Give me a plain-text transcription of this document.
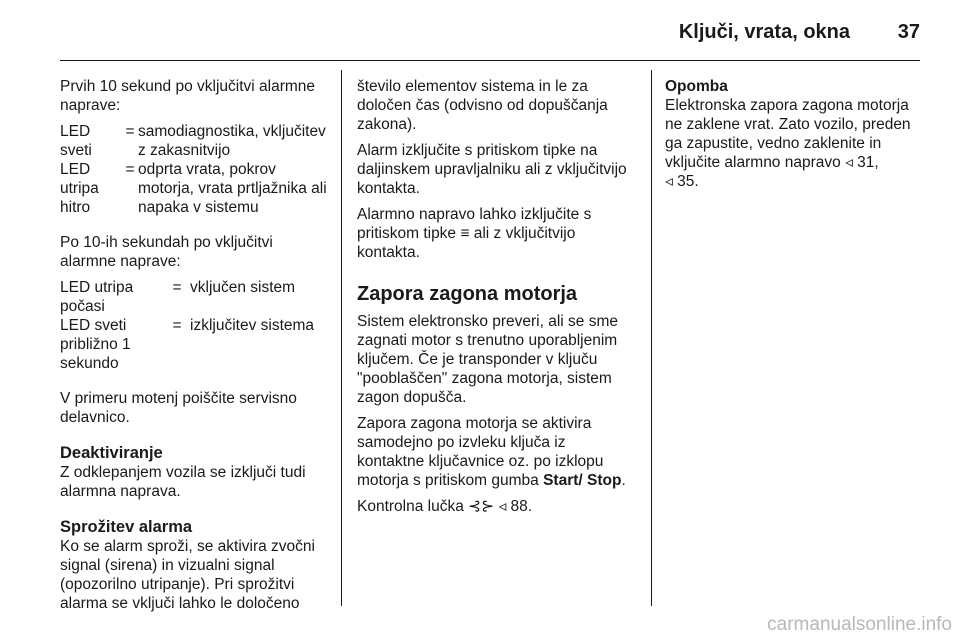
Ključi, vrata, okna	37

Prvih 10 sekund po vključitvi alarmne naprave:

LED sveti
= samodiagnostika, vključitev z zakasnitvijo
LED utripa hitro
= odprta vrata, pokrov motorja, vrata prtljažnika ali napaka v sistemu

Po 10-ih sekundah po vključitvi alarmne naprave:

LED utripa počasi
= vključen sistem
LED sveti približno 1 sekundo
= izključitev sistema

V primeru motenj poiščite servisno delavnico.

Deaktiviranje

Z odklepanjem vozila se izključi tudi alarmna naprava.

Sprožitev alarma

Ko se alarm sproži, se aktivira zvočni signal (sirena) in vizualni signal (opozorilno utripanje). Pri sprožitvi alarma se vključi lahko le določeno

število elementov sistema in le za določen čas (odvisno od dopuščanja zakona).

Alarm izključite s pritiskom tipke na daljinskem upravljalniku ali z vključitvijo kontakta.

Alarmno napravo lahko izključite s pritiskom tipke ≡ ali z vključitvijo kontakta.

Zapora zagona motorja

Sistem elektronsko preveri, ali se sme zagnati motor s trenutno uporabljenim ključem. Če je transponder v ključu "pooblaščen" zagona motorja, sistem zagon dopušča.

Zapora zagona motorja se aktivira samodejno po izvleku ključa iz kontaktne ključavnice oz. po izklopu motorja s pritiskom gumba Start/ Stop.

Kontrolna lučka ⊰⊱ ◃ 88.

Opomba

Elektronska zapora zagona motorja ne zaklene vrat. Zato vozilo, preden ga zapustite, vedno zaklenite in vključite alarmno napravo ◃ 31,
◃ 35.

carmanualsonline.info
